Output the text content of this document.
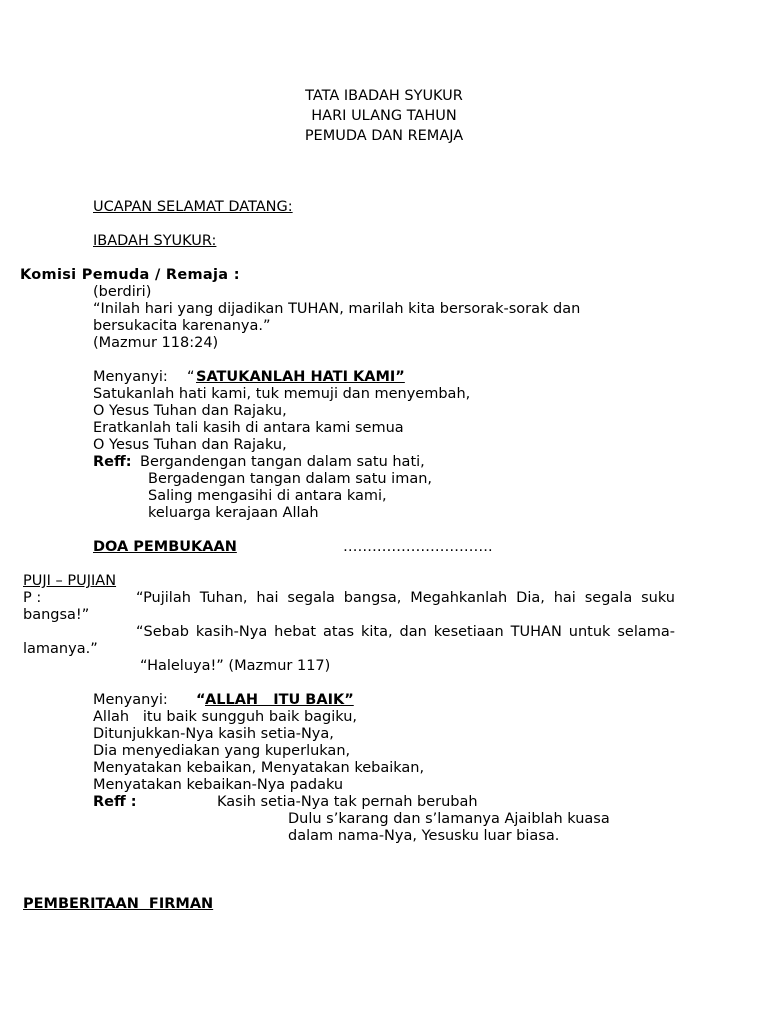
TATA IBADAH SYUKUR
HARI ULANG TAHUN
PEMUDA DAN REMAJA
UCAPAN SELAMAT DATANG:
IBADAH SYUKUR:
Komisi Pemuda / Remaja :
(berdiri)
“Inilah hari yang dijadikan TUHAN, marilah kita bersorak-sorak dan
bersukacita karenanya.”
(Mazmur 118:24)
Menyanyi: “ SATUKANLAH HATI KAMI”
Satukanlah hati kami, tuk memuji dan menyembah,
O Yesus Tuhan dan Rajaku,
Eratkanlah tali kasih di antara kami semua
O Yesus Tuhan dan Rajaku,
Reff: Bergandengan tangan dalam satu hati,
Bergadengan tangan dalam satu iman,
Saling mengasihi di antara kami,
keluarga kerajaan Allah
DOA PEMBUKAAN	………………………….
PUJI – PUJIAN
P :	“Pujilah Tuhan, hai segala bangsa, Megahkanlah Dia, hai segala suku bangsa!”
“Sebab kasih-Nya hebat atas kita, dan kesetiaan TUHAN untuk selama-lamanya.”
“Haleluya!” (Mazmur 117)
Menyanyi: “ ALLAH   ITU BAIK”
Allah   itu baik sungguh baik bagiku,
Ditunjukkan-Nya kasih setia-Nya,
Dia menyediakan yang kuperlukan,
Menyatakan kebaikan, Menyatakan kebaikan,
Menyatakan kebaikan-Nya padaku
Reff :	Kasih setia-Nya tak pernah berubah
Dulu s’karang dan s’lamanya Ajaiblah kuasa
dalam nama-Nya, Yesusku luar biasa.
PEMBERITAAN  FIRMAN
